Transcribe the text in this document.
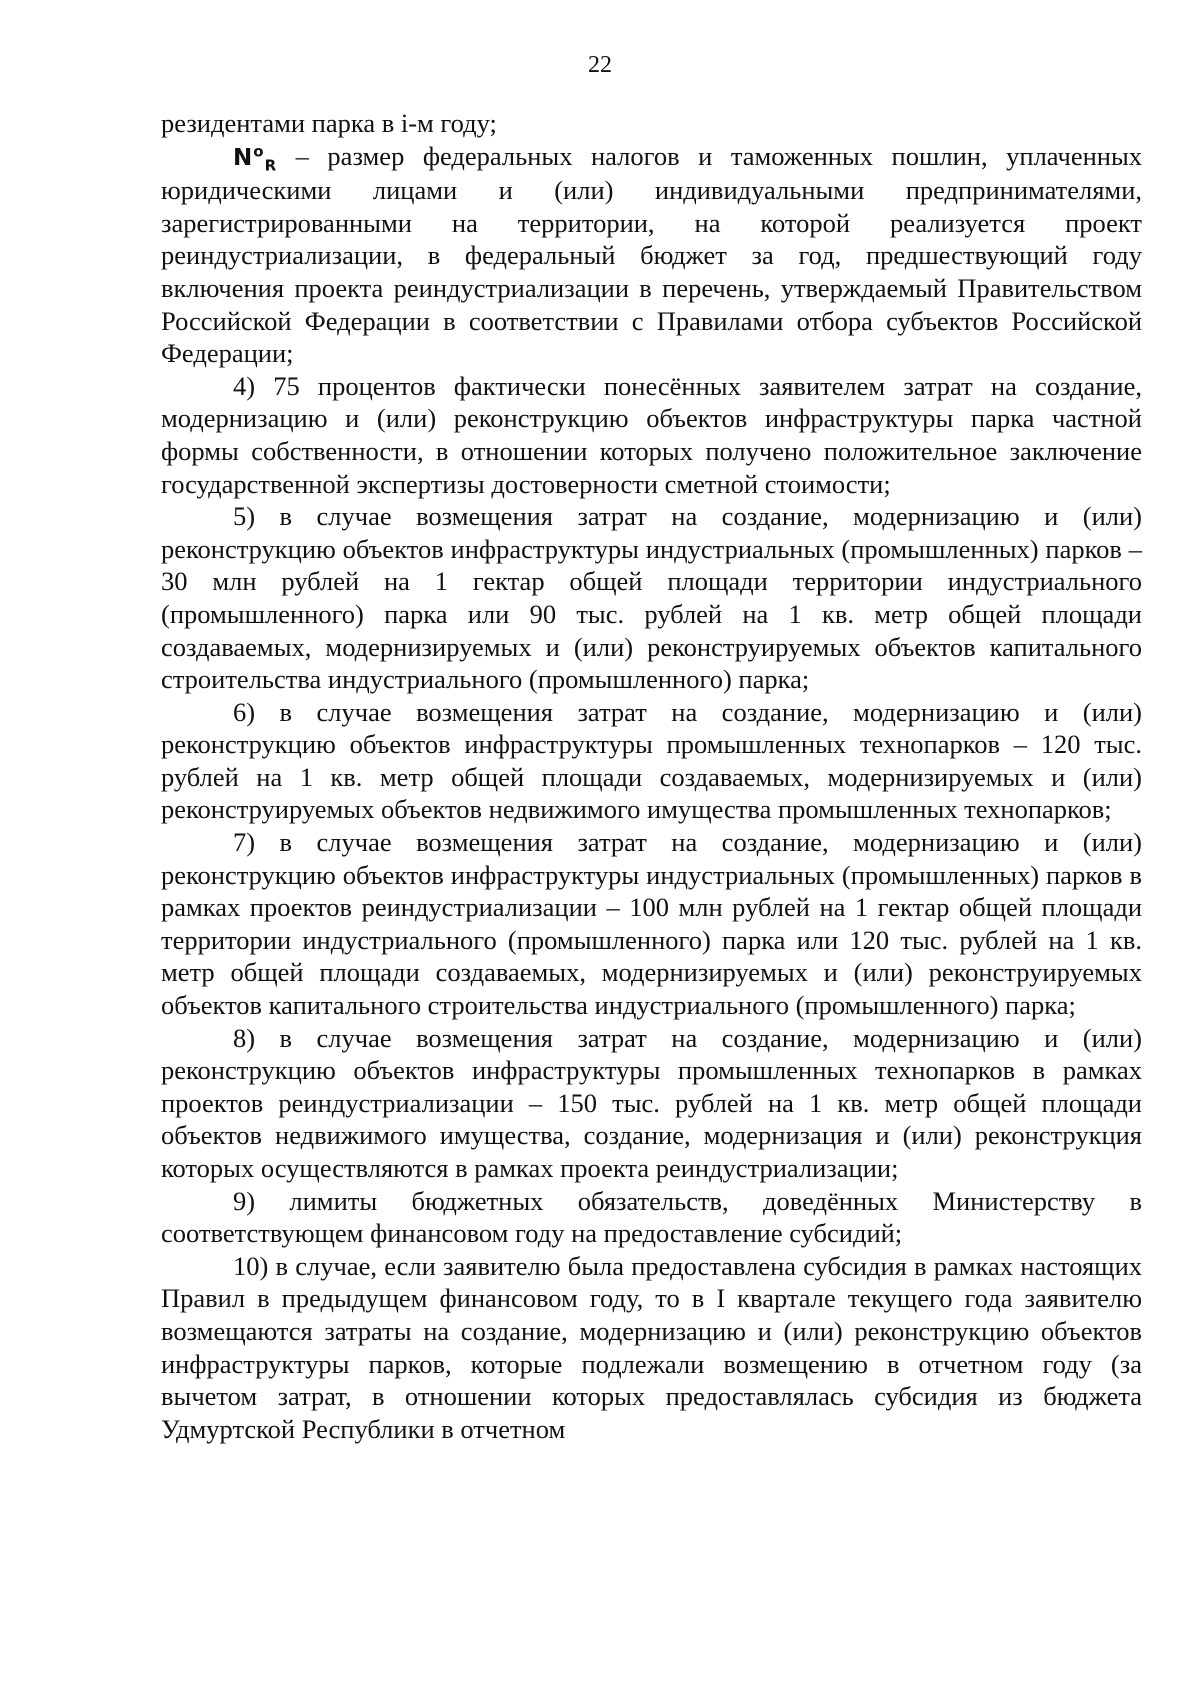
22

резидентами парка в i-м году;

$N^o_R$ – размер федеральных налогов и таможенных пошлин, уплаченных юридическими лицами и (или) индивидуальными предпринимателями, зарегистрированными на территории, на которой реализуется проект реиндустриализации, в федеральный бюджет за год, предшествующий году включения проекта реиндустриализации в перечень, утверждаемый Правительством Российской Федерации в соответствии с Правилами отбора субъектов Российской Федерации;

4) 75 процентов фактически понесённых заявителем затрат на создание, модернизацию и (или) реконструкцию объектов инфраструктуры парка частной формы собственности, в отношении которых получено положительное заключение государственной экспертизы достоверности сметной стоимости;

5) в случае возмещения затрат на создание, модернизацию и (или) реконструкцию объектов инфраструктуры индустриальных (промышленных) парков – 30 млн рублей на 1 гектар общей площади территории индустриального (промышленного) парка или 90 тыс. рублей на 1 кв. метр общей площади создаваемых, модернизируемых и (или) реконструируемых объектов капитального строительства индустриального (промышленного) парка;

6) в случае возмещения затрат на создание, модернизацию и (или) реконструкцию объектов инфраструктуры промышленных технопарков – 120 тыс. рублей на 1 кв. метр общей площади создаваемых, модернизируемых и (или) реконструируемых объектов недвижимого имущества промышленных технопарков;

7) в случае возмещения затрат на создание, модернизацию и (или) реконструкцию объектов инфраструктуры индустриальных (промышленных) парков в рамках проектов реиндустриализации – 100 млн рублей на 1 гектар общей площади территории индустриального (промышленного) парка или 120 тыс. рублей на 1 кв. метр общей площади создаваемых, модернизируемых и (или) реконструируемых объектов капитального строительства индустриального (промышленного) парка;

8) в случае возмещения затрат на создание, модернизацию и (или) реконструкцию объектов инфраструктуры промышленных технопарков в рамках проектов реиндустриализации – 150 тыс. рублей на 1 кв. метр общей площади объектов недвижимого имущества, создание, модернизация и (или) реконструкция которых осуществляются в рамках проекта реиндустриализации;

9) лимиты бюджетных обязательств, доведённых Министерству в соответствующем финансовом году на предоставление субсидий;

10) в случае, если заявителю была предоставлена субсидия в рамках настоящих Правил в предыдущем финансовом году, то в I квартале текущего года заявителю возмещаются затраты на создание, модернизацию и (или) реконструкцию объектов инфраструктуры парков, которые подлежали возмещению в отчетном году (за вычетом затрат, в отношении которых предоставлялась субсидия из бюджета Удмуртской Республики в отчетном
